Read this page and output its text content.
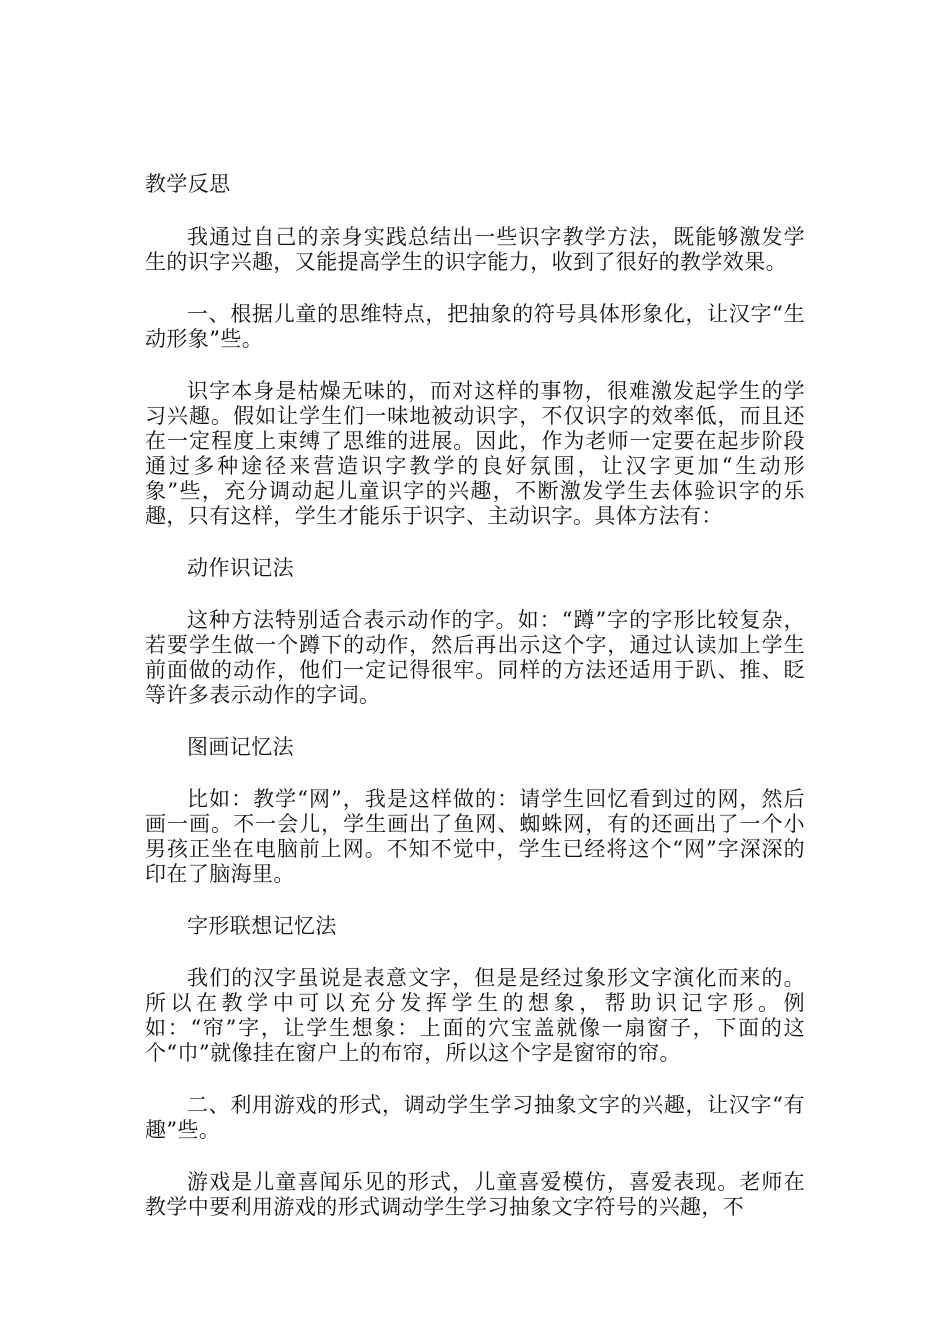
教学反思
我通过自己的亲身实践总结出一些识字教学方法，既能够激发学生的识字兴趣，又能提高学生的识字能力，收到了很好的教学效果。
一、根据儿童的思维特点，把抽象的符号具体形象化，让汉字“生动形象”些。
识字本身是枯燥无味的，而对这样的事物，很难激发起学生的学习兴趣。假如让学生们一味地被动识字，不仅识字的效率低，而且还在一定程度上束缚了思维的进展。因此，作为老师一定要在起步阶段通过多种途径来营造识字教学的良好氛围，让汉字更加“生动形象”些，充分调动起儿童识字的兴趣，不断激发学生去体验识字的乐趣，只有这样，学生才能乐于识字、主动识字。具体方法有：
动作识记法
这种方法特别适合表示动作的字。如：“蹲”字的字形比较复杂，若要学生做一个蹲下的动作，然后再出示这个字，通过认读加上学生前面做的动作，他们一定记得很牢。同样的方法还适用于趴、推、眨等许多表示动作的字词。
图画记忆法
比如：教学“网”，我是这样做的：请学生回忆看到过的网，然后画一画。不一会儿，学生画出了鱼网、蜘蛛网，有的还画出了一个小男孩正坐在电脑前上网。不知不觉中，学生已经将这个“网”字深深的印在了脑海里。
字形联想记忆法
我们的汉字虽说是表意文字，但是是经过象形文字演化而来的。所以在教学中可以充分发挥学生的想象，帮助识记字形。例如：“帘”字，让学生想象：上面的穴宝盖就像一扇窗子，下面的这个“巾”就像挂在窗户上的布帘，所以这个字是窗帘的帘。
二、利用游戏的形式，调动学生学习抽象文字的兴趣，让汉字“有趣”些。
游戏是儿童喜闻乐见的形式，儿童喜爱模仿，喜爱表现。老师在教学中要利用游戏的形式调动学生学习抽象文字符号的兴趣，不
